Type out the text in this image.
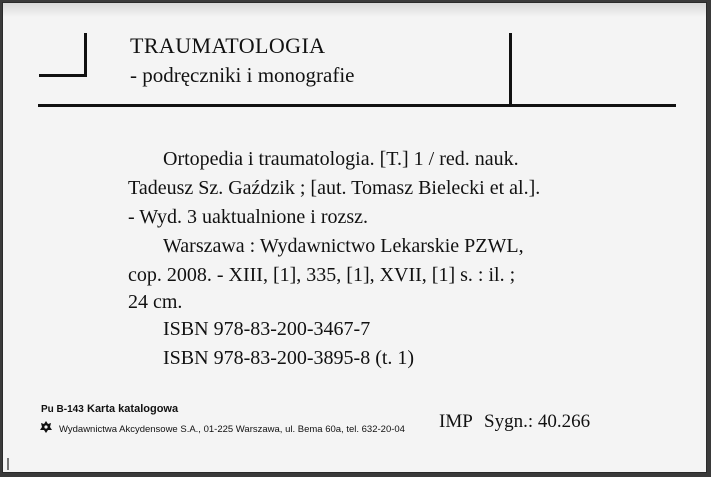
TRAUMATOLOGIA
- podręczniki i monografie
Ortopedia i traumatologia. [T.] 1 / red. nauk.
Tadeusz Sz. Gaździk ; [aut. Tomasz Bielecki et al.].
- Wyd. 3 uaktualnione i rozsz.
Warszawa : Wydawnictwo Lekarskie PZWL,
cop. 2008. - XIII, [1], 335, [1], XVII, [1] s. : il. ;
24 cm.
ISBN 978-83-200-3467-7
ISBN 978-83-200-3895-8 (t. 1)
Pu B-143 Karta katalogowa
Wydawnictwa Akcydensowe S.A., 01-225 Warszawa, ul. Bema 60a, tel. 632-20-04 IMP Sygn.: 40.266
